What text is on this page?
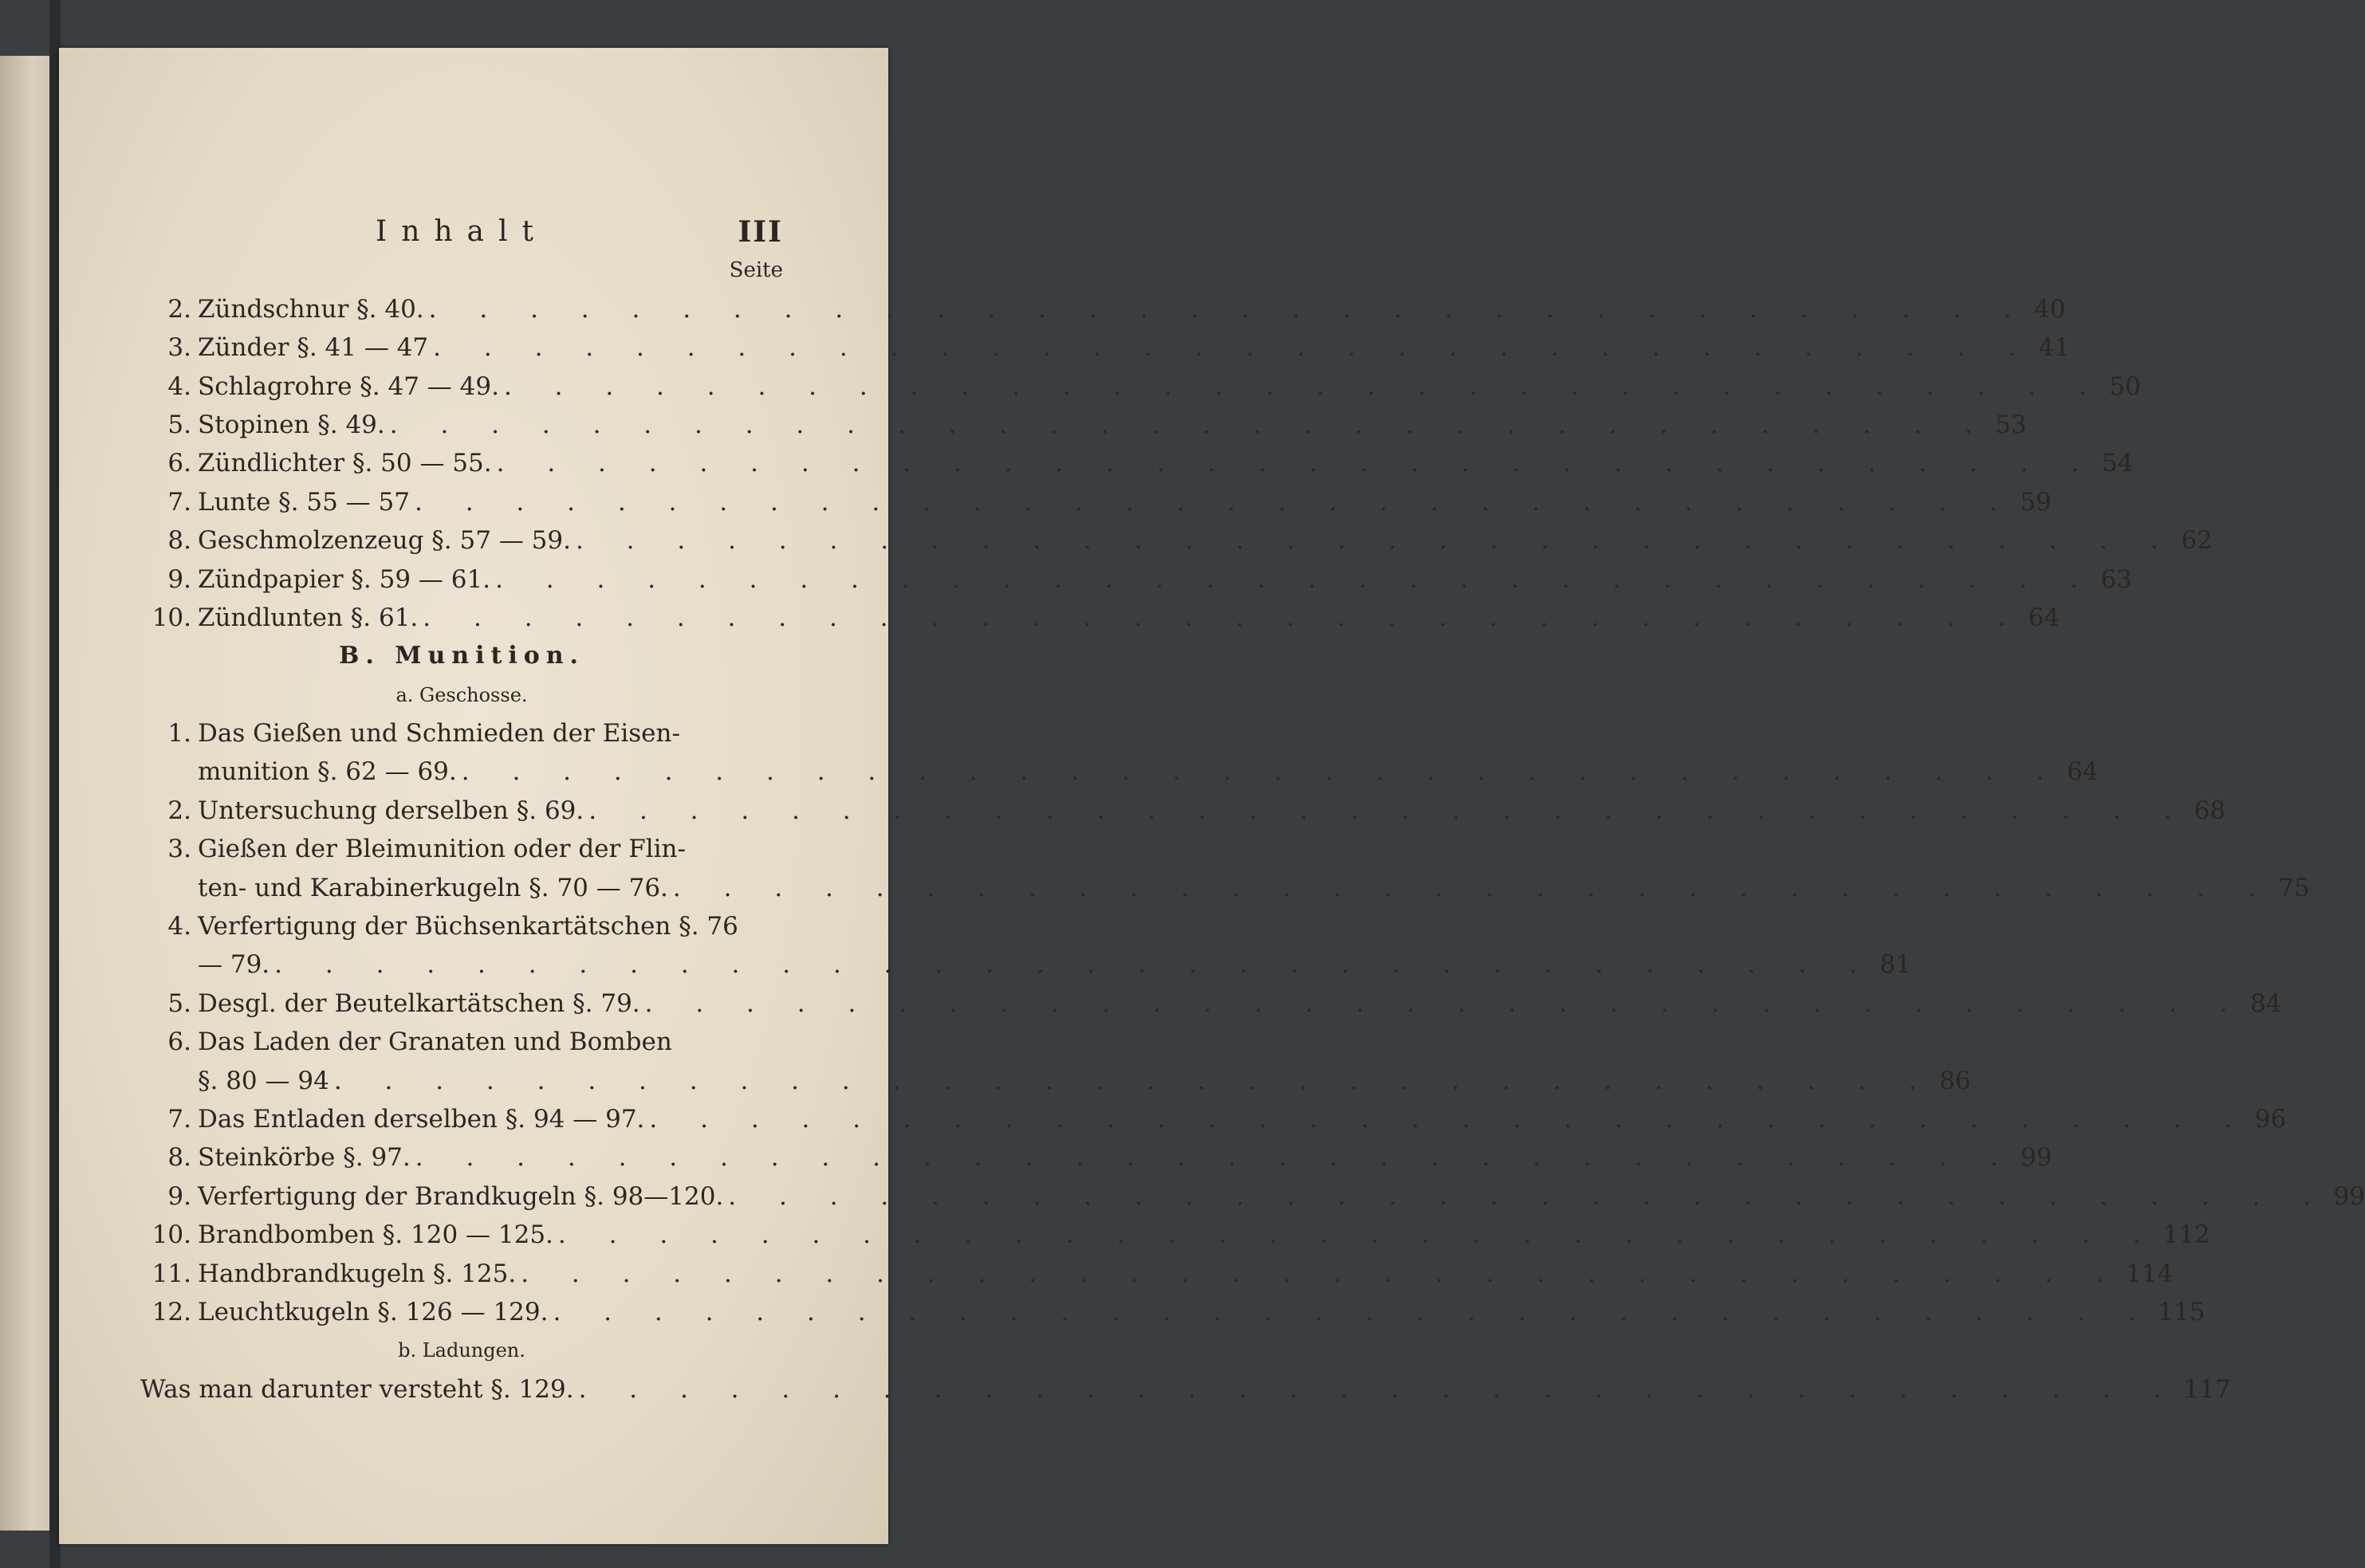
Inhalt	III
Seite
2. Zündschnur §. 40. . . . . . . . . . . . . . . . . . . . . . . . . . . . . . . . . 40
3. Zünder §. 41 — 47 . . . . . . . . . . . . . . . . . . . . . . . . . . . . . . . . 41
4. Schlagrohre §. 47 — 49. . . . . . . . . . . . . . . . . . . . . . . . . . . . . . . . . 50
5. Stopinen §. 49. . . . . . . . . . . . . . . . . . . . . . . . . . . . . . . . . 53
6. Zündlichter §. 50 — 55. . . . . . . . . . . . . . . . . . . . . . . . . . . . . . . . . 54
7. Lunte §. 55 — 57 . . . . . . . . . . . . . . . . . . . . . . . . . . . . . . . . 59
8. Geschmolzenzeug §. 57 — 59. . . . . . . . . . . . . . . . . . . . . . . . . . . . . . . . . 62
9. Zündpapier §. 59 — 61. . . . . . . . . . . . . . . . . . . . . . . . . . . . . . . . . 63
10. Zündlunten §. 61. . . . . . . . . . . . . . . . . . . . . . . . . . . . . . . . . 64
B. Munition.
a. Geschosse.
1. Das Gießen und Schmieden der Eisen-
munition §. 62 — 69. . . . . . . . . . . . . . . . . . . . . . . . . . . . . . . . . 64
2. Untersuchung derselben §. 69. . . . . . . . . . . . . . . . . . . . . . . . . . . . . . . . . 68
3. Gießen der Bleimunition oder der Flin-
ten- und Karabinerkugeln §. 70 — 76. . . . . . . . . . . . . . . . . . . . . . . . . . . . . . . . . 75
4. Verfertigung der Büchsenkartätschen §. 76
— 79. . . . . . . . . . . . . . . . . . . . . . . . . . . . . . . . . 81
5. Desgl. der Beutelkartätschen §. 79. . . . . . . . . . . . . . . . . . . . . . . . . . . . . . . . . 84
6. Das Laden der Granaten und Bomben
§. 80 — 94 . . . . . . . . . . . . . . . . . . . . . . . . . . . . . . . . 86
7. Das Entladen derselben §. 94 — 97. . . . . . . . . . . . . . . . . . . . . . . . . . . . . . . . . 96
8. Steinkörbe §. 97. . . . . . . . . . . . . . . . . . . . . . . . . . . . . . . . . 99
9. Verfertigung der Brandkugeln §. 98—120. . . . . . . . . . . . . . . . . . . . . . . . . . . . . . . . . 99
10. Brandbomben §. 120 — 125. . . . . . . . . . . . . . . . . . . . . . . . . . . . . . . . . 112
11. Handbrandkugeln §. 125. . . . . . . . . . . . . . . . . . . . . . . . . . . . . . . . . 114
12. Leuchtkugeln §. 126 — 129. . . . . . . . . . . . . . . . . . . . . . . . . . . . . . . . . 115
b. Ladungen.
Was man darunter versteht §. 129. . . . . . . . . . . . . . . . . . . . . . . . . . . . . . . . . 117
